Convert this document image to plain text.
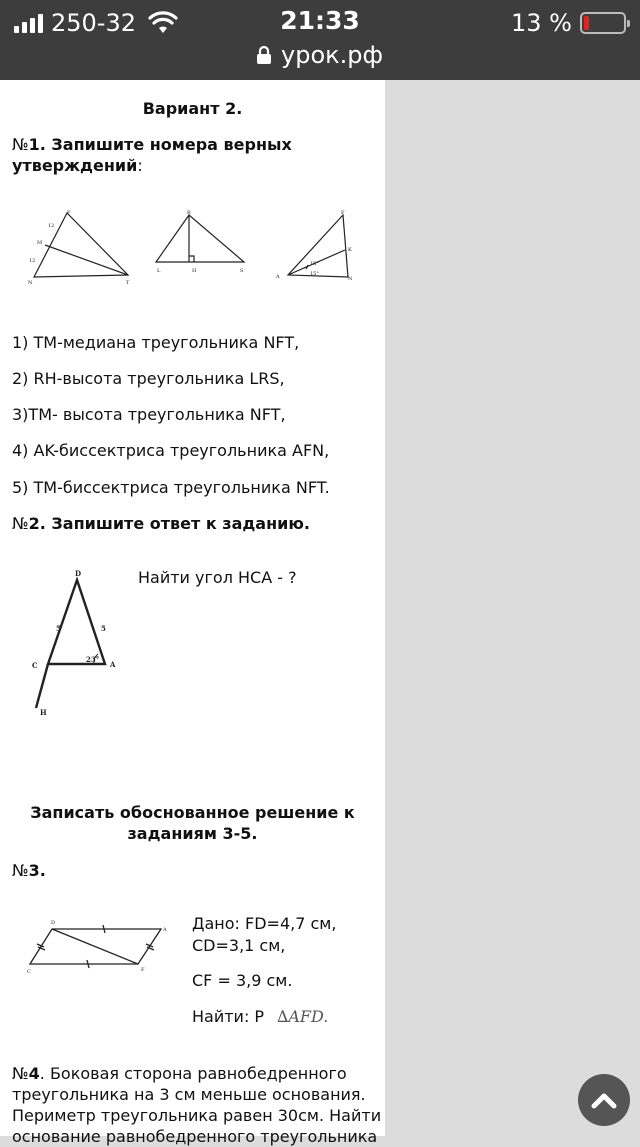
250-32	21:33	13 %
урок.рф
Вариант 2.
№1. Запишите номера верных утверждений:
F
12
M
12
N	T
R
L	H	S
F
K
A	N
15°
15°
1) TM-медиана треугольника NFT,
2) RH-высота треугольника LRS,
3)TM- высота треугольника NFT,
4) AK-биссектриса треугольника AFN,
5) TM-биссектриса треугольника NFT.
№2. Запишите ответ к заданию.
D
C	A
H
5	5
23°
Найти угол HCA - ?
Записать обоснованное решение к заданиям 3-5.
№3.
D
A
C	F
Дано: FD=4,7 см,
CD=3,1 см,
CF = 3,9 см.
Найти: P ∆AFD.
№4. Боковая сторона равнобедренного
треугольника на 3 см меньше основания.
Периметр треугольника равен 30см. Найти
основание равнобедренного треугольника
